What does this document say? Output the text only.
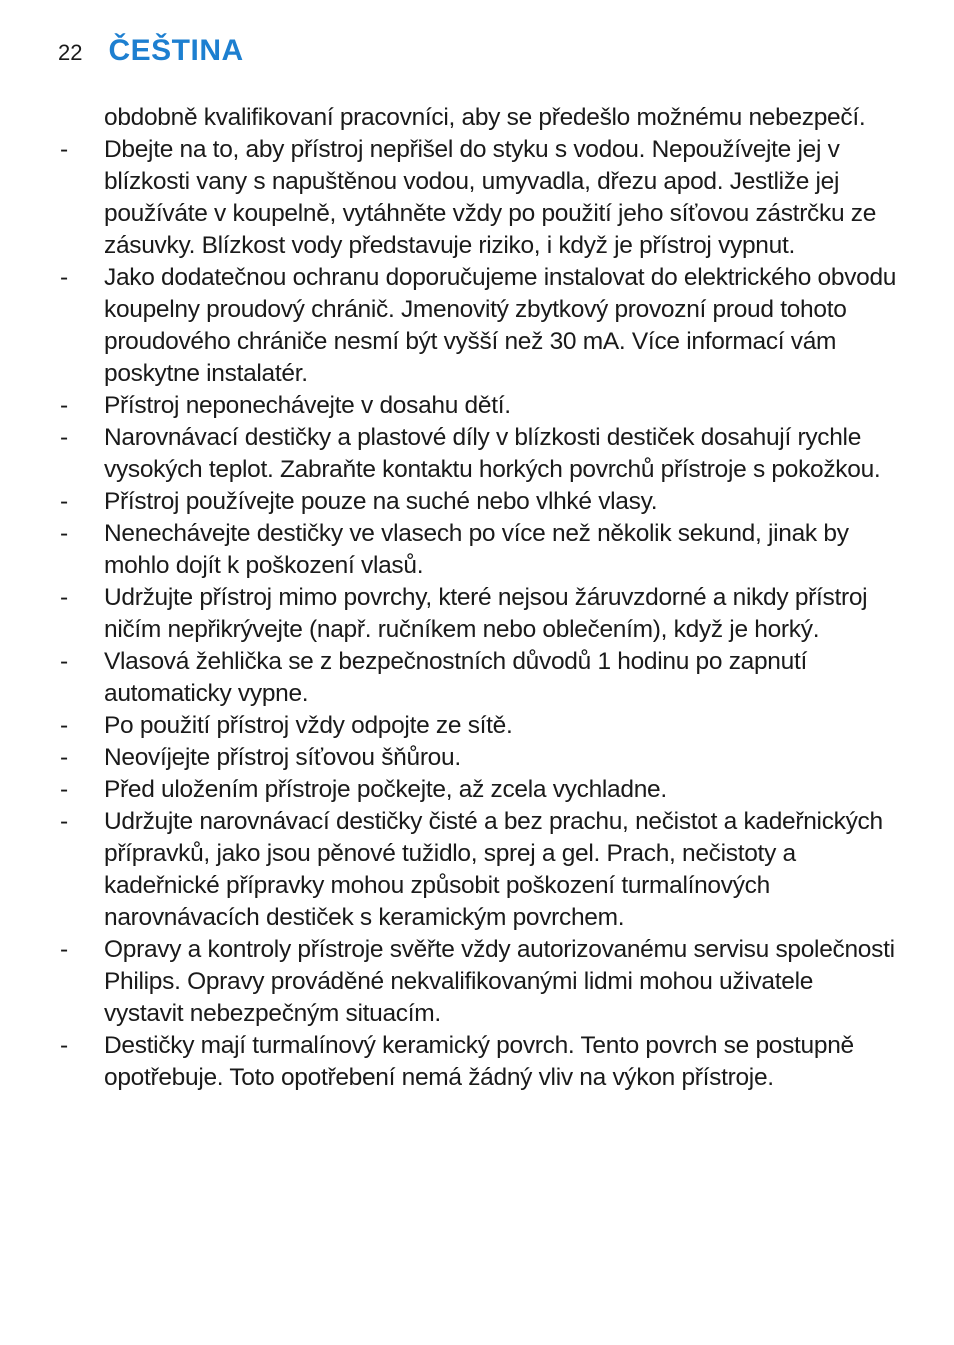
22 ČEŠTINA

obdobně kvalifikovaní pracovníci, aby se předešlo možnému nebezpečí.

- Dbejte na to, aby přístroj nepřišel do styku s vodou. Nepoužívejte jej v blízkosti vany s napuštěnou vodou, umyvadla, dřezu apod. Jestliže jej používáte v koupelně, vytáhněte vždy po použití jeho síťovou zástrčku ze zásuvky. Blízkost vody představuje riziko, i když je přístroj vypnut.
- Jako dodatečnou ochranu doporučujeme instalovat do elektrického obvodu koupelny proudový chránič. Jmenovitý zbytkový provozní proud tohoto proudového chrániče nesmí být vyšší než 30 mA. Více informací vám poskytne instalatér.
- Přístroj neponechávejte v dosahu dětí.
- Narovnávací destičky a plastové díly v blízkosti destiček dosahují rychle vysokých teplot. Zabraňte kontaktu horkých povrchů přístroje s pokožkou.
- Přístroj používejte pouze na suché nebo vlhké vlasy.
- Nenechávejte destičky ve vlasech po více než několik sekund, jinak by mohlo dojít k poškození vlasů.
- Udržujte přístroj mimo povrchy, které nejsou žáruvzdorné a nikdy přístroj ničím nepřikrývejte (např. ručníkem nebo oblečením), když je horký.
- Vlasová žehlička se z bezpečnostních důvodů 1 hodinu po zapnutí automaticky vypne.
- Po použití přístroj vždy odpojte ze sítě.
- Neovíjejte přístroj síťovou šňůrou.
- Před uložením přístroje počkejte, až zcela vychladne.
- Udržujte narovnávací destičky čisté a bez prachu, nečistot a kadeřnických přípravků, jako jsou pěnové tužidlo, sprej a gel. Prach, nečistoty a kadeřnické přípravky mohou způsobit poškození turmalínových narovnávacích destiček s keramickým povrchem.
- Opravy a kontroly přístroje svěřte vždy autorizovanému servisu společnosti Philips. Opravy prováděné nekvalifikovanými lidmi mohou uživatele vystavit nebezpečným situacím.
- Destičky mají turmalínový keramický povrch. Tento povrch se postupně opotřebuje. Toto opotřebení nemá žádný vliv na výkon přístroje.
